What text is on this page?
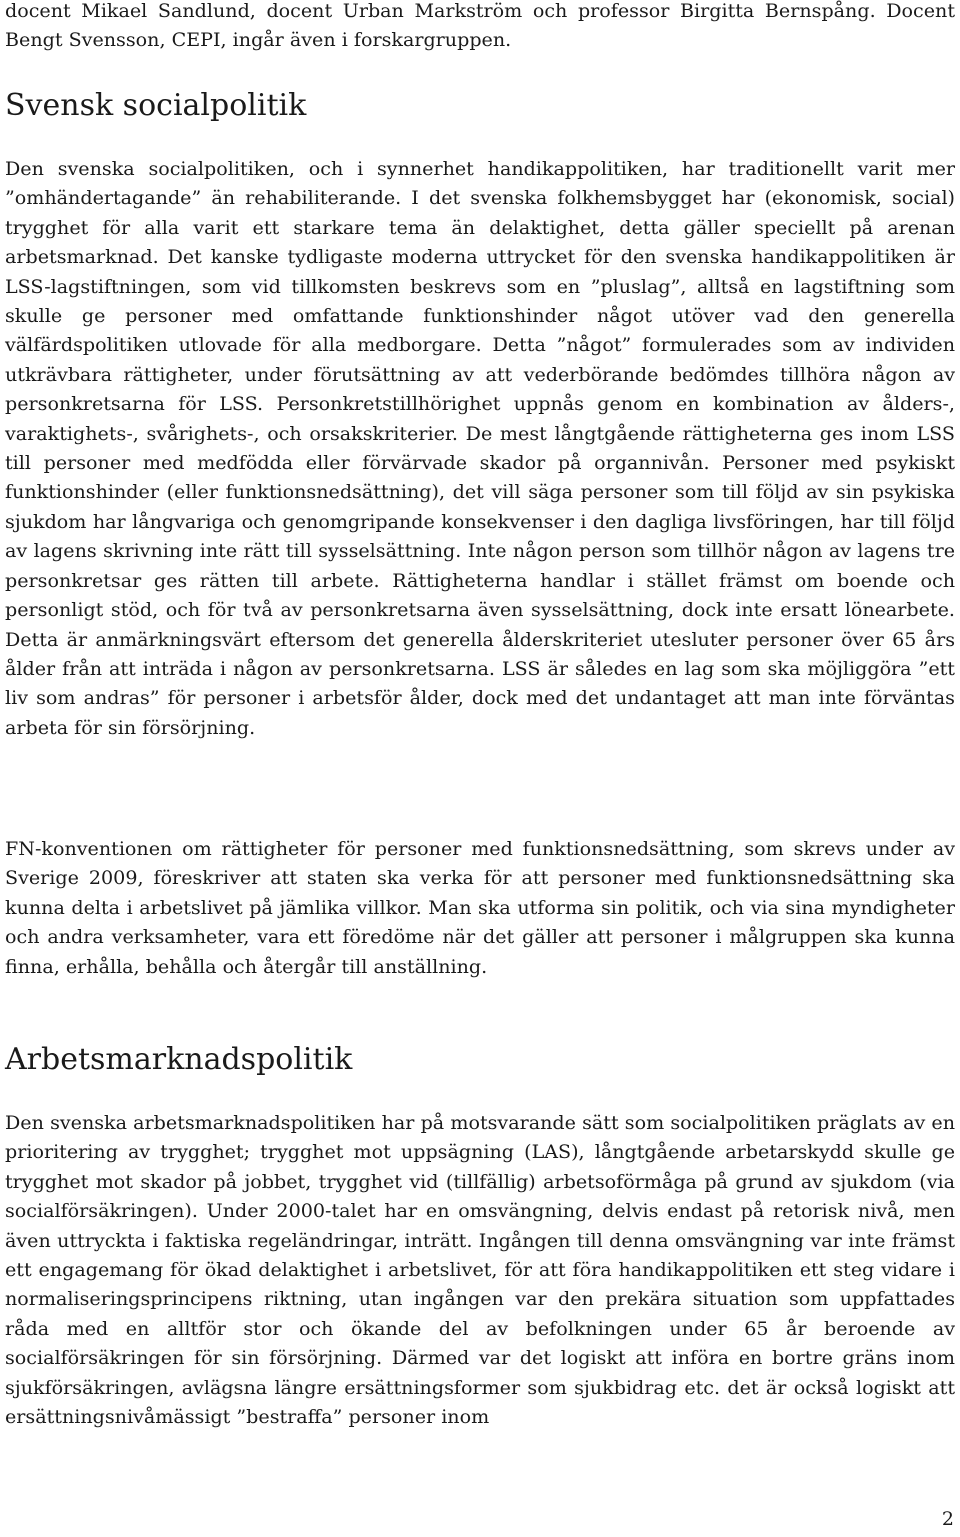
docent Mikael Sandlund, docent Urban Markström och professor Birgitta Bernspång. Docent Bengt Svensson, CEPI, ingår även i forskargruppen.

Svensk socialpolitik

Den svenska socialpolitiken, och i synnerhet handikappolitiken, har traditionellt varit mer ”omhändertagande” än rehabiliterande. I det svenska folkhemsbygget har (ekonomisk, social) trygghet för alla varit ett starkare tema än delaktighet, detta gäller speciellt på arenan arbetsmarknad. Det kanske tydligaste moderna uttrycket för den svenska handikappolitiken är LSS-lagstiftningen, som vid tillkomsten beskrevs som en ”pluslag”, alltså en lagstiftning som skulle ge personer med omfattande funktionshinder något utöver vad den generella välfärdspolitiken utlovade för alla medborgare. Detta ”något” formulerades som av individen utkrävbara rättigheter, under förutsättning av att vederbörande bedömdes tillhöra någon av personkretsarna för LSS. Personkretstillhörighet uppnås genom en kombination av ålders-, varaktighets-, svårighets-, och orsakskriterier. De mest långtgående rättigheterna ges inom LSS till personer med medfödda eller förvärvade skador på organnivån. Personer med psykiskt funktionshinder (eller funktionsnedsättning), det vill säga personer som till följd av sin psykiska sjukdom har långvariga och genomgripande konsekvenser i den dagliga livsföringen, har till följd av lagens skrivning inte rätt till sysselsättning. Inte någon person som tillhör någon av lagens tre personkretsar ges rätten till arbete. Rättigheterna handlar i stället främst om boende och personligt stöd, och för två av personkretsarna även sysselsättning, dock inte ersatt lönearbete. Detta är anmärkningsvärt eftersom det generella ålderskriteriet utesluter personer över 65 års ålder från att inträda i någon av personkretsarna. LSS är således en lag som ska möjliggöra ”ett liv som andras” för personer i arbetsför ålder, dock med det undantaget att man inte förväntas arbeta för sin försörjning.

FN-konventionen om rättigheter för personer med funktionsnedsättning, som skrevs under av Sverige 2009, föreskriver att staten ska verka för att personer med funktionsnedsättning ska kunna delta i arbetslivet på jämlika villkor. Man ska utforma sin politik, och via sina myndigheter och andra verksamheter, vara ett föredöme när det gäller att personer i målgruppen ska kunna finna, erhålla, behålla och återgår till anställning.

Arbetsmarknadspolitik

Den svenska arbetsmarknadspolitiken har på motsvarande sätt som socialpolitiken präglats av en prioritering av trygghet; trygghet mot uppsägning (LAS), långtgående arbetarskydd skulle ge trygghet mot skador på jobbet, trygghet vid (tillfällig) arbetsoförmåga på grund av sjukdom (via socialförsäkringen). Under 2000-talet har en omsvängning, delvis endast på retorisk nivå, men även uttryckta i faktiska regeländringar, inträtt. Ingången till denna omsvängning var inte främst ett engagemang för ökad delaktighet i arbetslivet, för att föra handikappolitiken ett steg vidare i normaliseringsprincipens riktning, utan ingången var den prekära situation som uppfattades råda med en alltför stor och ökande del av befolkningen under 65 år beroende av socialförsäkringen för sin försörjning. Därmed var det logiskt att införa en bortre gräns inom sjukförsäkringen, avlägsna längre ersättningsformer som sjukbidrag etc. det är också logiskt att ersättningsnivåmässigt ”bestraffa” personer inom

2
